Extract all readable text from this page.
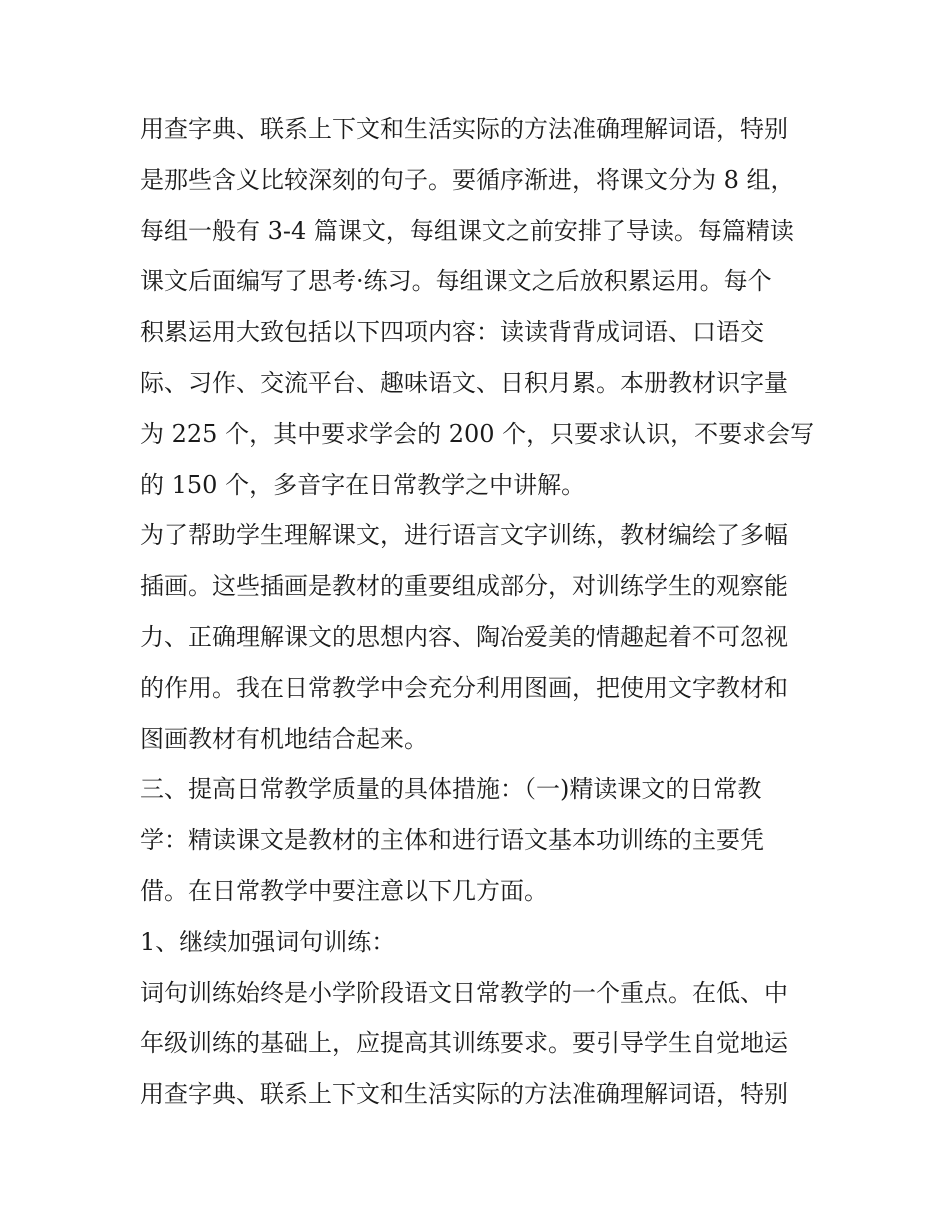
用查字典、联系上下文和生活实际的方法准确理解词语，特别
是那些含义比较深刻的句子。要循序渐进，将课文分为 8 组，
每组一般有 3-4 篇课文，每组课文之前安排了导读。每篇精读
课文后面编写了思考·练习。每组课文之后放积累运用。每个
积累运用大致包括以下四项内容：读读背背成词语、口语交
际、习作、交流平台、趣味语文、日积月累。本册教材识字量
为 225 个，其中要求学会的 200 个，只要求认识，不要求会写
的 150 个，多音字在日常教学之中讲解。
为了帮助学生理解课文，进行语言文字训练，教材编绘了多幅
插画。这些插画是教材的重要组成部分，对训练学生的观察能
力、正确理解课文的思想内容、陶冶爱美的情趣起着不可忽视
的作用。我在日常教学中会充分利用图画，把使用文字教材和
图画教材有机地结合起来。
三、提高日常教学质量的具体措施：（一)精读课文的日常教
学：精读课文是教材的主体和进行语文基本功训练的主要凭
借。在日常教学中要注意以下几方面。
1、继续加强词句训练：
词句训练始终是小学阶段语文日常教学的一个重点。在低、中
年级训练的基础上，应提高其训练要求。要引导学生自觉地运
用查字典、联系上下文和生活实际的方法准确理解词语，特别
